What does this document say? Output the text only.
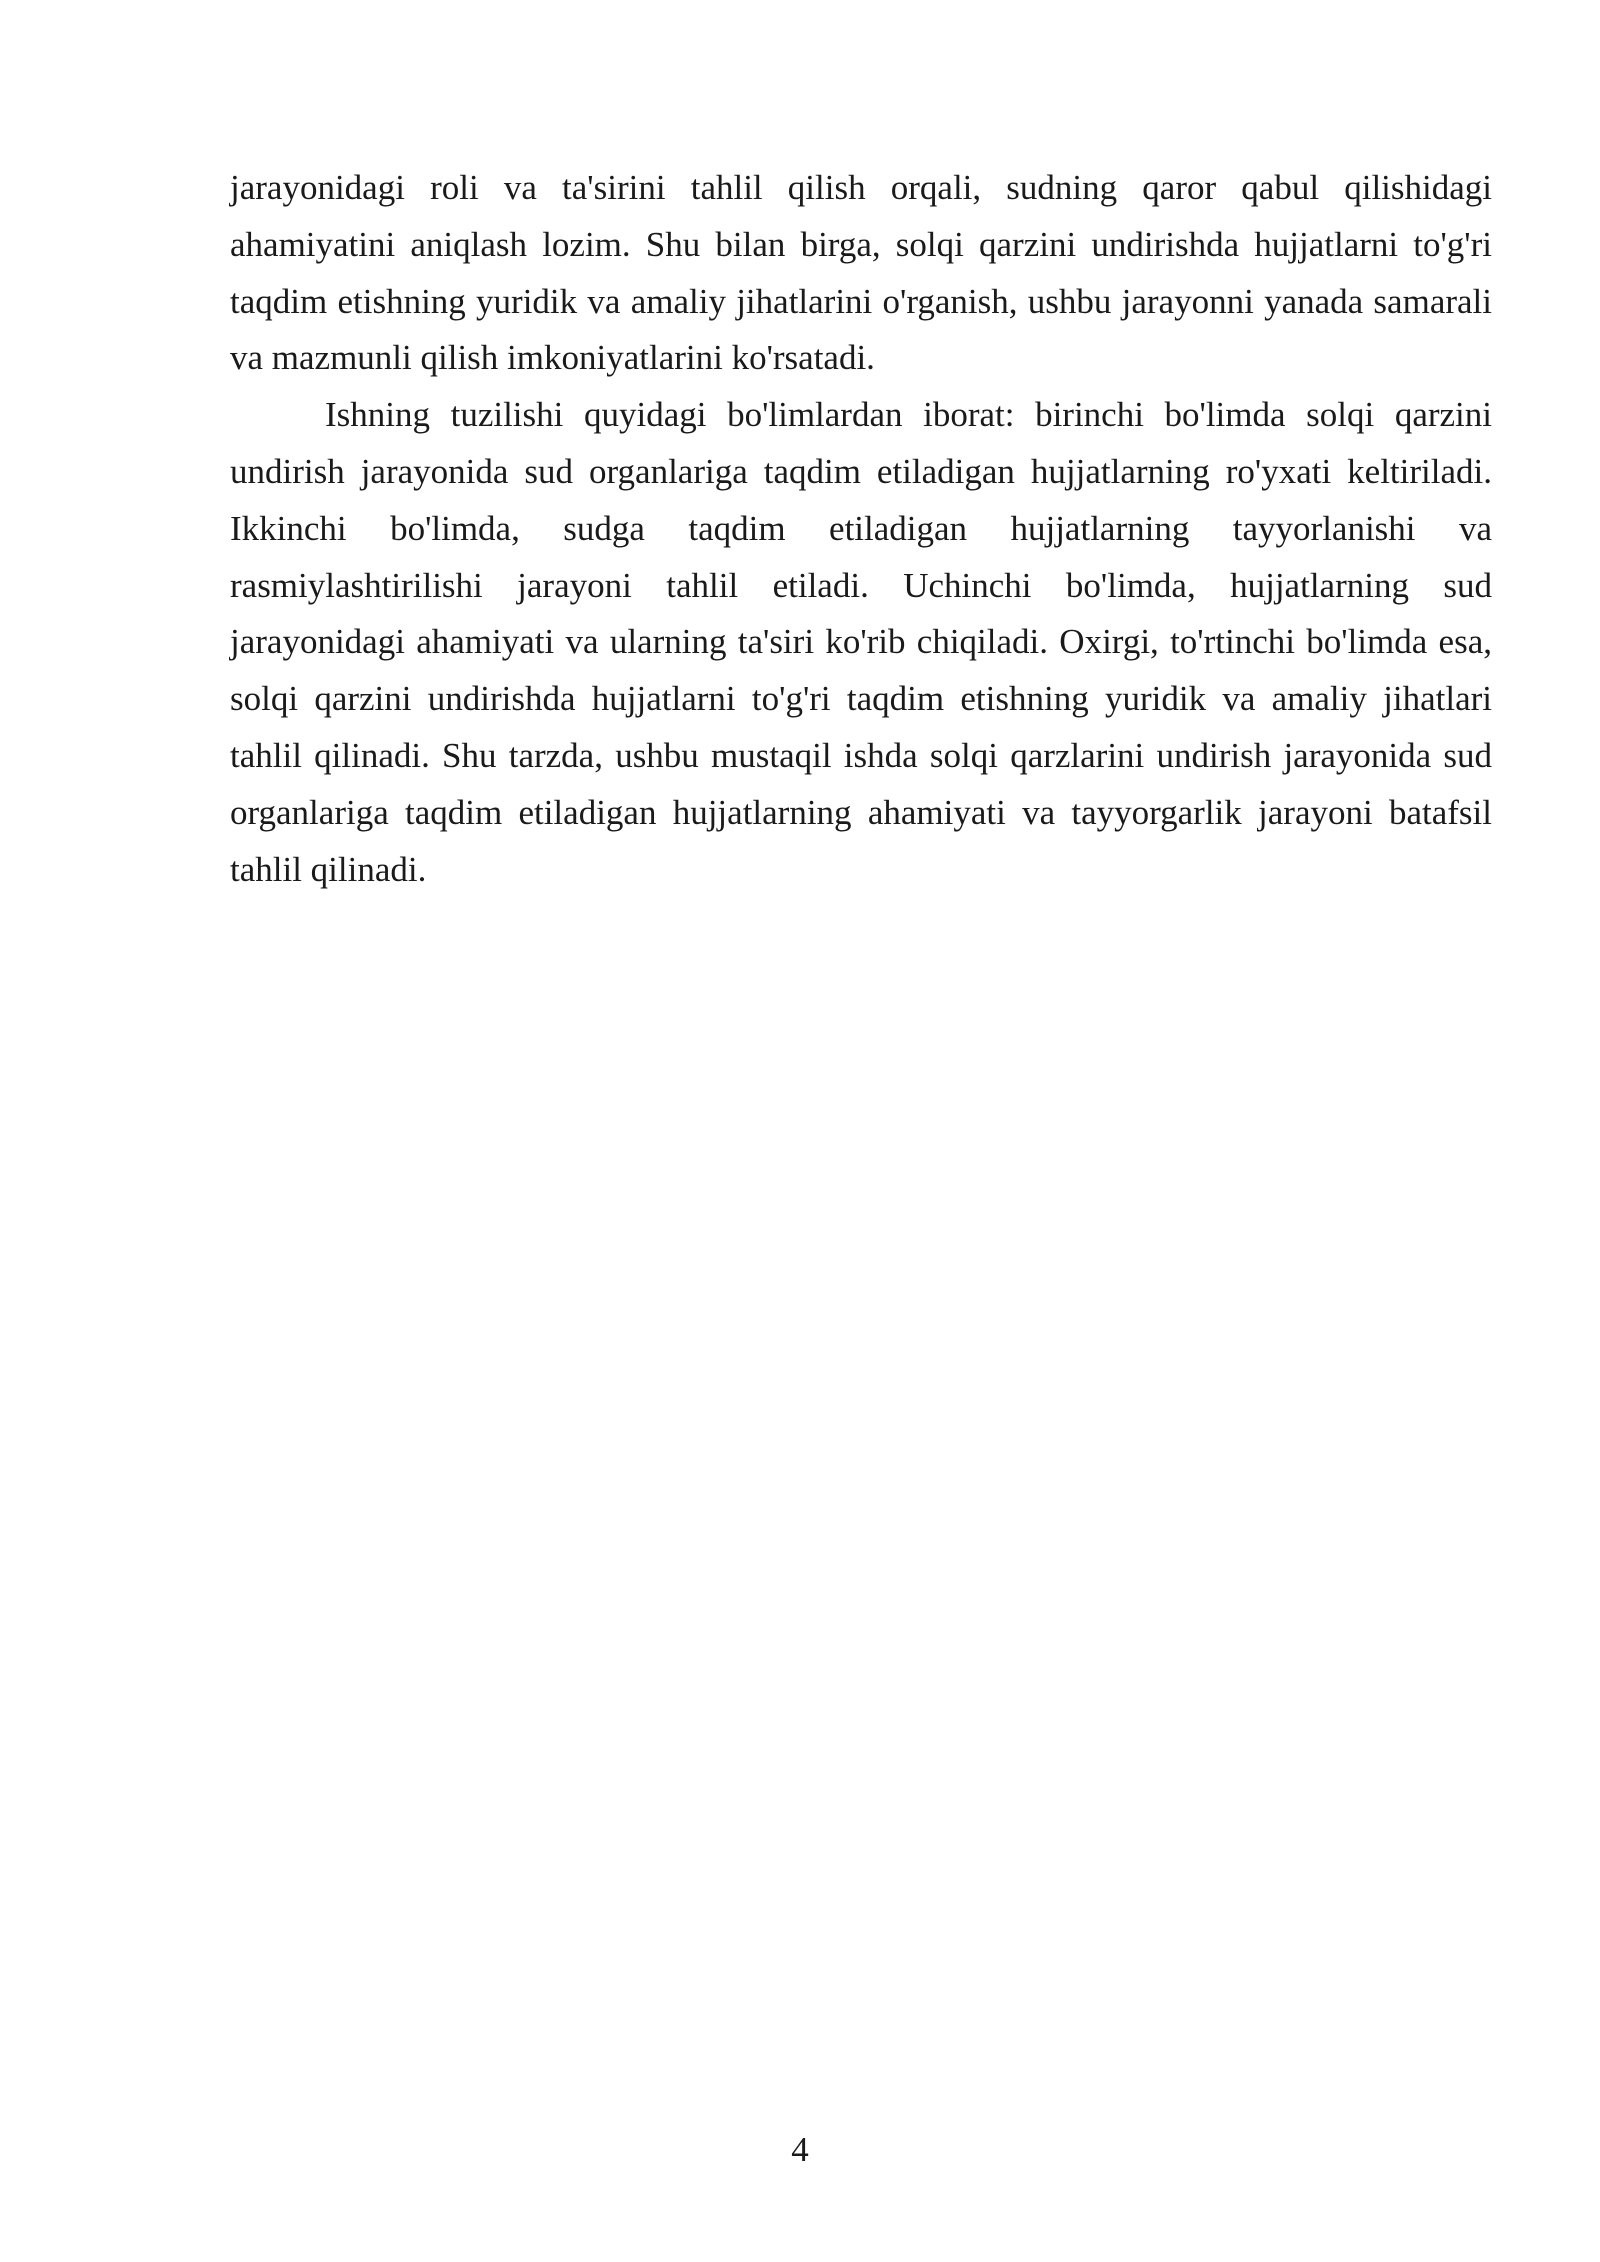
jarayonidagi roli va ta'sirini tahlil qilish orqali, sudning qaror qabul qilishidagi ahamiyatini aniqlash lozim. Shu bilan birga, solqi qarzini undirishda hujjatlarni to'g'ri taqdim etishning yuridik va amaliy jihatlarini o'rganish, ushbu jarayonni yanada samarali va mazmunli qilish imkoniyatlarini ko'rsatadi.

Ishning tuzilishi quyidagi bo'limlardan iborat: birinchi bo'limda solqi qarzini undirish jarayonida sud organlariga taqdim etiladigan hujjatlarning ro'yxati keltiriladi. Ikkinchi bo'limda, sudga taqdim etiladigan hujjatlarning tayyorlanishi va rasmiylashtirilishi jarayoni tahlil etiladi. Uchinchi bo'limda, hujjatlarning sud jarayonidagi ahamiyati va ularning ta'siri ko'rib chiqiladi. Oxirgi, to'rtinchi bo'limda esa, solqi qarzini undirishda hujjatlarni to'g'ri taqdim etishning yuridik va amaliy jihatlari tahlil qilinadi. Shu tarzda, ushbu mustaqil ishda solqi qarzlarini undirish jarayonida sud organlariga taqdim etiladigan hujjatlarning ahamiyati va tayyorgarlik jarayoni batafsil tahlil qilinadi.

4
